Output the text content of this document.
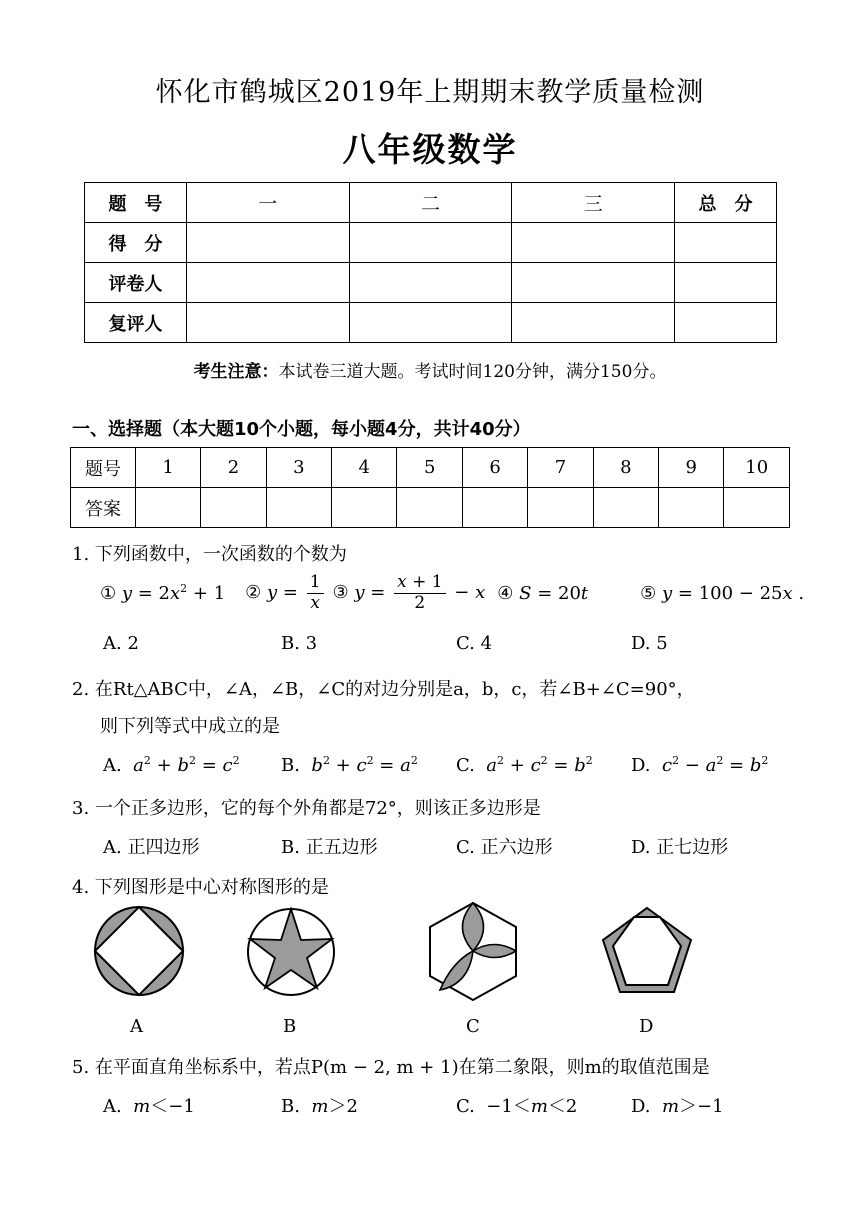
怀化市鹤城区2019年上期期末教学质量检测
八年级数学
题　号	一	二	三	总　分
得　分				
评卷人				
复评人				
考生注意：本试卷三道大题。考试时间120分钟，满分150分。
一、选择题（本大题10个小题，每小题4分，共计40分）
题号	1	2	3	4	5	6	7	8	9	10
答案										
1. 下列函数中，一次函数的个数为
① $y = 2x^2 + 1$ ② $y = \frac{1}{x}$ ③ $y = \frac{x + 1}{2} - x$ ④ S = 20t	⑤ y = 100 − 25x .
A. 2	B. 3	C. 4	D. 5
2. 在Rt△ABC中，∠A，∠B，∠C的对边分别是a，b，c，若∠B+∠C=90°，
则下列等式中成立的是
A.  $a^2 + b^2 = c^2$ B.  $b^2 + c^2 = a^2$ C.  $a^2 + c^2 = b^2$ D.  $c^2 - a^2 = b^2$
3. 一个正多边形，它的每个外角都是72°，则该正多边形是
A. 正四边形	B. 正五边形	C. 正六边形	D. 正七边形
4. 下列图形是中心对称图形的是
A	B	C	D
5. 在平面直角坐标系中，若点P(m − 2, m + 1)在第二象限，则m的取值范围是
A.  m＜−1	B.  m＞2	C.  −1＜m＜2	D.  m＞−1
